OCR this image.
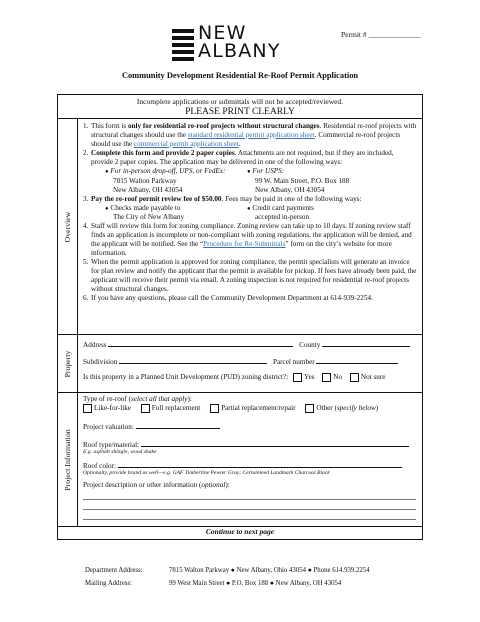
NEW
ALBANY
Permit # ______________
Community Development Residential Re-Roof Permit Application
Incomplete applications or submittals will not be accepted/reviewed.
PLEASE PRINT CLEARLY
Overview
1. This form is only for residential re-roof projects without structural changes. Residential re-roof projects with structural changes should use the standard residential permit application sheet. Commercial re-roof projects should use the commercial permit application sheet.
2. Complete this form and provide 2 paper copies. Attachments are not required, but if they are included, provide 2 paper copies. The application may be delivered in one of the following ways:
● For in-person drop-off, UPS, or FedEx:
7815 Walton Parkway
New Albany, OH 43054
● For USPS:
99 W. Main Street, P.O. Box 188
New Albany, OH 43054
3. Pay the re-roof permit review fee of $50.00. Fees may be paid in one of the following ways:
● Checks made payable to
The City of New Albany
● Credit card payments
accepted in-person
4. Staff will review this form for zoning compliance. Zoning review can take up to 10 days. If zoning review staff finds an application is incomplete or non-compliant with zoning regulations, the application will be denied, and the applicant will be notified. See the “Procedure for Re-Submittals” form on the city’s website for more information.
5. When the permit application is approved for zoning compliance, the permit specialists will generate an invoice for plan review and notify the applicant that the permit is available for pickup. If fees have already been paid, the applicant will receive their permit via email. A zoning inspection is not required for residential re-roof projects without structural changes.
6. If you have any questions, please call the Community Development Department at 614-939-2254.
Property
Address	County
Subdivision	Parcel number
Is this property in a Planned Unit Development (PUD) zoning district?: Yes	No	Not sure
Project Information
Type of re-roof (select all that apply):
Like-for-like	Full replacement	Partial replacement/repair	Other (specify below)
Project valuation:
Roof type/material:
E.g. asphalt shingle, wood shake
Roof color:
Optionally, provide brand as well—e.g. GAF Timberline Pewter Gray; Certainteed Landmark Charcoal Black
Project description or other information (optional):
Continue to next page
Department Address:	7815 Walton Parkway ● New Albany, Ohio 43054 ● Phone 614.939.2254
Mailing Address:	99 West Main Street ● P.O. Box 188 ● New Albany, OH 43054
